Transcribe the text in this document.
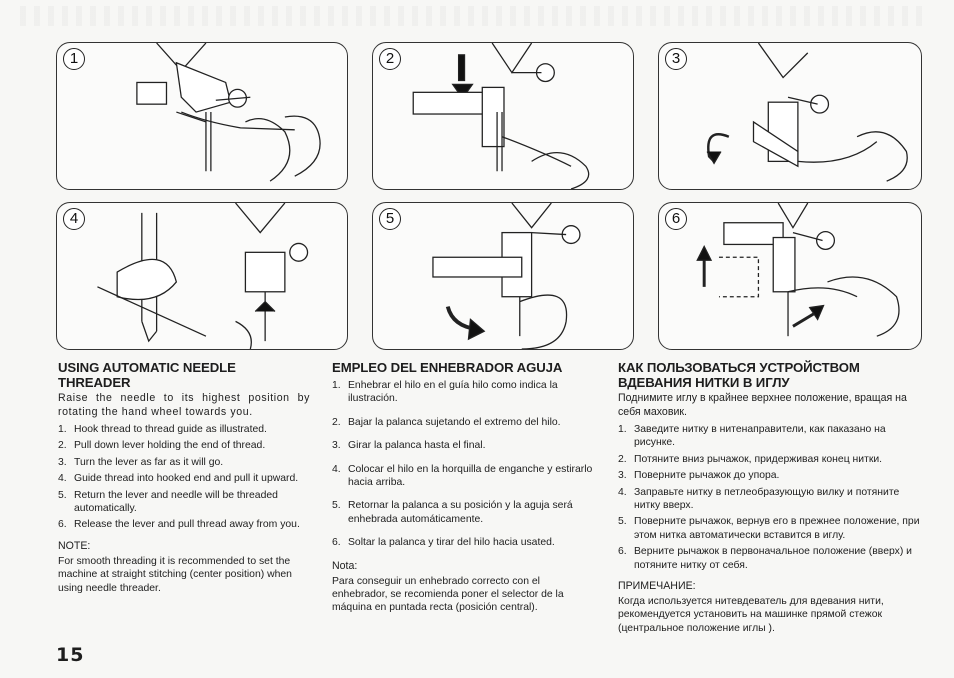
1	2	3
4	5	6
USING AUTOMATIC NEEDLE THREADER

Raise the needle to its highest position by rotating the hand wheel towards you.

1. Hook thread to thread guide as illustrated.
2. Pull down lever holding the end of thread.
3. Turn the lever as far as it will go.
4. Guide thread into hooked end and pull it upward.
5. Return the lever and needle will be threaded automatically.
6. Release the lever and pull thread away from you.

NOTE:

For smooth threading it is recommended to set the machine at straight stitching (center position) when using needle threader.

EMPLEO DEL ENHEBRADOR AGUJA
1. Enhebrar el hilo en el guía hilo como indica la ilustración.
2. Bajar la palanca sujetando el extremo del hilo.
3. Girar la palanca hasta el final.
4. Colocar el hilo en la horquilla de enganche y estirarlo hacia arriba.
5. Retornar la palanca a su posición y la aguja será enhebrada automáticamente.
6. Soltar la palanca y tirar del hilo hacia usated.

Nota:

Para conseguir un enhebrado correcto con el enhebrador, se recomienda poner el selector de la máquina en puntada recta (posición central).

КАК ПОЛЬЗОВАТЬСЯ УСТРОЙСТВОМ ВДЕВАНИЯ НИТКИ В ИГЛУ

Поднимите иглу в крайнее верхнее положение, вращая на себя маховик.

1. Заведите нитку в нитенаправители, как паказано на рисунке.
2. Потяните вниз рычажок, придерживая конец нитки.
3. Поверните рычажок до упора.
4. Заправьте нитку в петлеобразующую вилку и потяните нитку вверх.
5. Поверните рычажок, вернув его в прежнее положение, при этом нитка автоматически вставится в иглу.
6. Верните рычажок в первоначальное положение (вверх) и потяните нитку от себя.

ПРИМЕЧАНИЕ:

Когда используется нитевдеватель для вдевания нити, рекомендуется установить на машинке прямой стежок (центральное положение иглы ).

15
